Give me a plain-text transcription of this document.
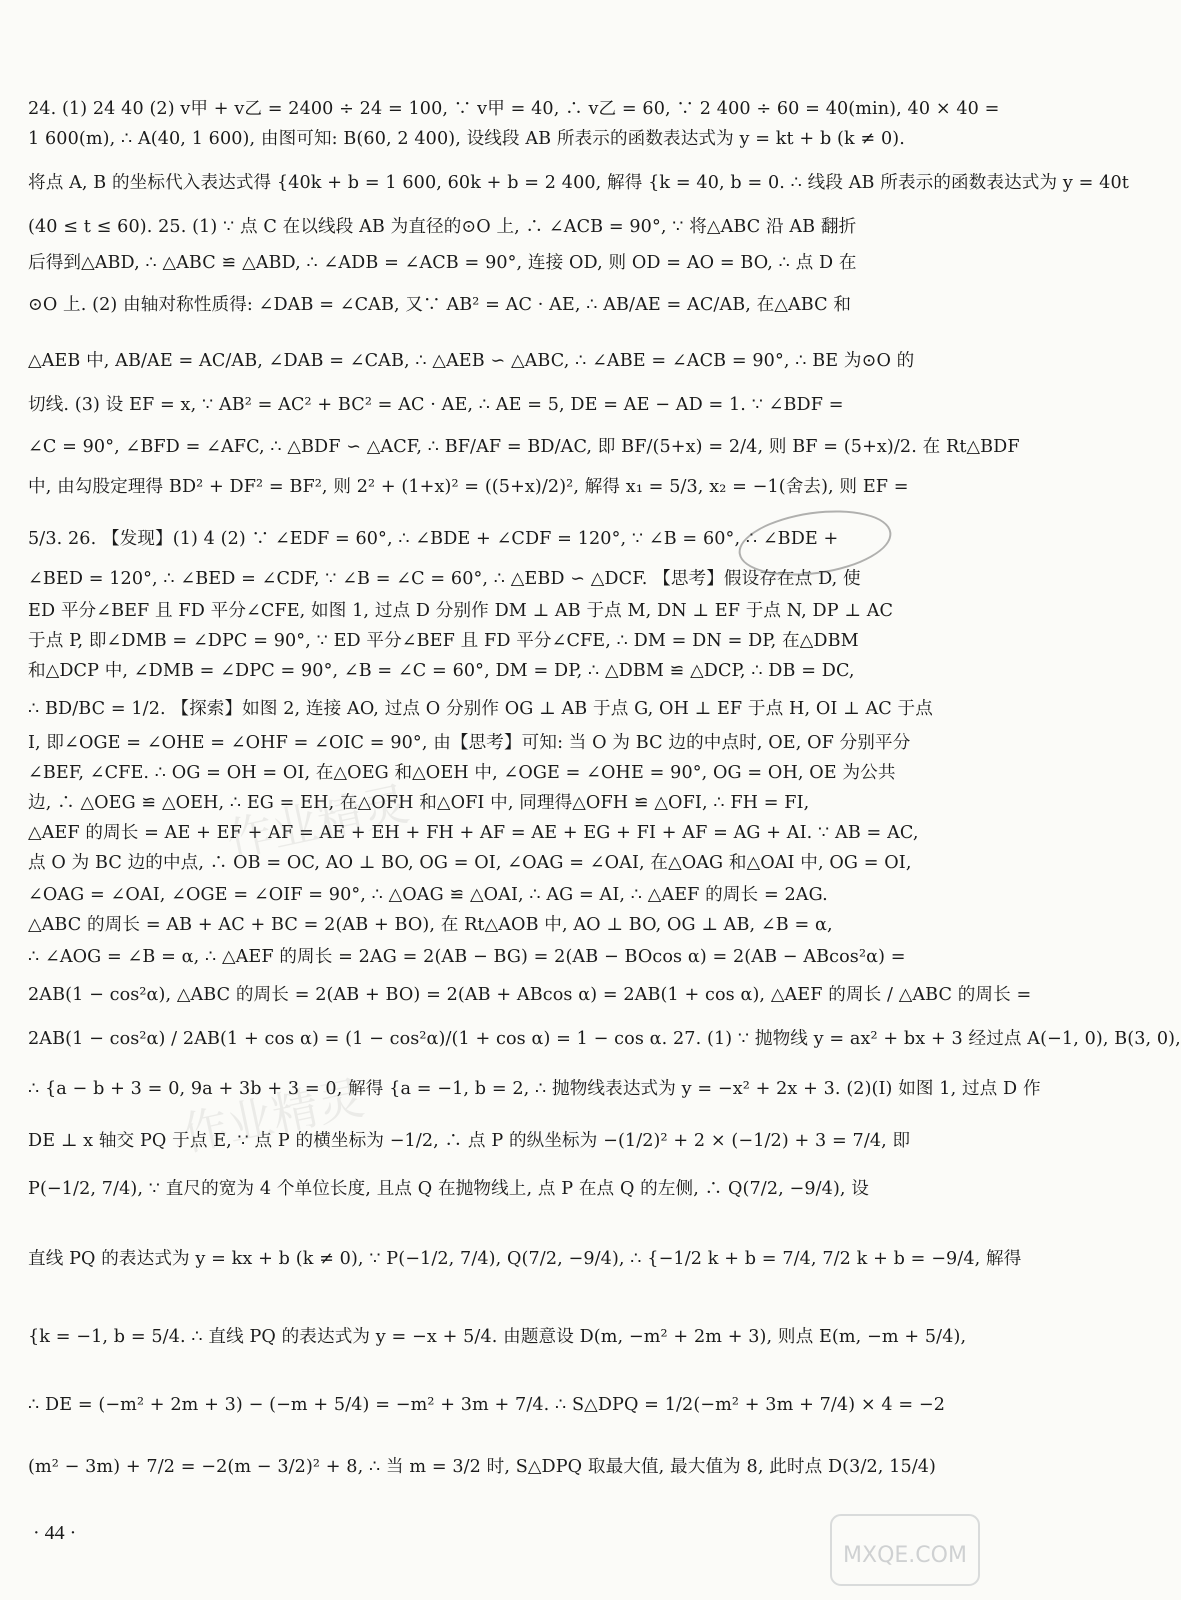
24. (1) 24 40 (2) v甲 + v乙 = 2400 ÷ 24 = 100, ∵ v甲 = 40, ∴ v乙 = 60, ∵ 2 400 ÷ 60 = 40(min), 40 × 40 =
1 600(m), ∴ A(40, 1 600), 由图可知: B(60, 2 400), 设线段 AB 所表示的函数表达式为 y = kt + b (k ≠ 0).
将点 A, B 的坐标代入表达式得 {40k + b = 1 600, 60k + b = 2 400, 解得 {k = 40, b = 0. ∴ 线段 AB 所表示的函数表达式为 y = 40t
(40 ≤ t ≤ 60). 25. (1) ∵ 点 C 在以线段 AB 为直径的⊙O 上, ∴ ∠ACB = 90°, ∵ 将△ABC 沿 AB 翻折
后得到△ABD, ∴ △ABC ≌ △ABD, ∴ ∠ADB = ∠ACB = 90°, 连接 OD, 则 OD = AO = BO, ∴ 点 D 在
⊙O 上. (2) 由轴对称性质得: ∠DAB = ∠CAB, 又∵ AB² = AC · AE, ∴ AB/AE = AC/AB, 在△ABC 和
△AEB 中, AB/AE = AC/AB, ∠DAB = ∠CAB, ∴ △AEB ∽ △ABC, ∴ ∠ABE = ∠ACB = 90°, ∴ BE 为⊙O 的
切线. (3) 设 EF = x, ∵ AB² = AC² + BC² = AC · AE, ∴ AE = 5, DE = AE − AD = 1. ∵ ∠BDF =
∠C = 90°, ∠BFD = ∠AFC, ∴ △BDF ∽ △ACF, ∴ BF/AF = BD/AC, 即 BF/(5+x) = 2/4, 则 BF = (5+x)/2. 在 Rt△BDF
中, 由勾股定理得 BD² + DF² = BF², 则 2² + (1+x)² = ((5+x)/2)², 解得 x₁ = 5/3, x₂ = −1(舍去), 则 EF =
5/3. 26. 【发现】(1) 4 (2) ∵ ∠EDF = 60°, ∴ ∠BDE + ∠CDF = 120°, ∵ ∠B = 60°, ∴ ∠BDE +
∠BED = 120°, ∴ ∠BED = ∠CDF, ∵ ∠B = ∠C = 60°, ∴ △EBD ∽ △DCF. 【思考】假设存在点 D, 使
ED 平分∠BEF 且 FD 平分∠CFE, 如图 1, 过点 D 分别作 DM ⊥ AB 于点 M, DN ⊥ EF 于点 N, DP ⊥ AC
于点 P, 即∠DMB = ∠DPC = 90°, ∵ ED 平分∠BEF 且 FD 平分∠CFE, ∴ DM = DN = DP, 在△DBM
和△DCP 中, ∠DMB = ∠DPC = 90°, ∠B = ∠C = 60°, DM = DP, ∴ △DBM ≌ △DCP, ∴ DB = DC,
∴ BD/BC = 1/2. 【探索】如图 2, 连接 AO, 过点 O 分别作 OG ⊥ AB 于点 G, OH ⊥ EF 于点 H, OI ⊥ AC 于点
I, 即∠OGE = ∠OHE = ∠OHF = ∠OIC = 90°, 由【思考】可知: 当 O 为 BC 边的中点时, OE, OF 分别平分
∠BEF, ∠CFE. ∴ OG = OH = OI, 在△OEG 和△OEH 中, ∠OGE = ∠OHE = 90°, OG = OH, OE 为公共
边, ∴ △OEG ≌ △OEH, ∴ EG = EH, 在△OFH 和△OFI 中, 同理得△OFH ≌ △OFI, ∴ FH = FI,
△AEF 的周长 = AE + EF + AF = AE + EH + FH + AF = AE + EG + FI + AF = AG + AI. ∵ AB = AC,
点 O 为 BC 边的中点, ∴ OB = OC, AO ⊥ BO, OG = OI, ∠OAG = ∠OAI, 在△OAG 和△OAI 中, OG = OI,
∠OAG = ∠OAI, ∠OGE = ∠OIF = 90°, ∴ △OAG ≌ △OAI, ∴ AG = AI, ∴ △AEF 的周长 = 2AG.
△ABC 的周长 = AB + AC + BC = 2(AB + BO), 在 Rt△AOB 中, AO ⊥ BO, OG ⊥ AB, ∠B = α,
∴ ∠AOG = ∠B = α, ∴ △AEF 的周长 = 2AG = 2(AB − BG) = 2(AB − BOcos α) = 2(AB − ABcos²α) =
2AB(1 − cos²α), △ABC 的周长 = 2(AB + BO) = 2(AB + ABcos α) = 2AB(1 + cos α), △AEF 的周长 / △ABC 的周长 =
2AB(1 − cos²α) / 2AB(1 + cos α) = (1 − cos²α)/(1 + cos α) = 1 − cos α. 27. (1) ∵ 抛物线 y = ax² + bx + 3 经过点 A(−1, 0), B(3, 0),
∴ {a − b + 3 = 0, 9a + 3b + 3 = 0, 解得 {a = −1, b = 2, ∴ 抛物线表达式为 y = −x² + 2x + 3. (2)(Ⅰ) 如图 1, 过点 D 作
DE ⊥ x 轴交 PQ 于点 E, ∵ 点 P 的横坐标为 −1/2, ∴ 点 P 的纵坐标为 −(1/2)² + 2 × (−1/2) + 3 = 7/4, 即
P(−1/2, 7/4), ∵ 直尺的宽为 4 个单位长度, 且点 Q 在抛物线上, 点 P 在点 Q 的左侧, ∴ Q(7/2, −9/4), 设
直线 PQ 的表达式为 y = kx + b (k ≠ 0), ∵ P(−1/2, 7/4), Q(7/2, −9/4), ∴ {−1/2 k + b = 7/4, 7/2 k + b = −9/4, 解得
{k = −1, b = 5/4. ∴ 直线 PQ 的表达式为 y = −x + 5/4. 由题意设 D(m, −m² + 2m + 3), 则点 E(m, −m + 5/4),
∴ DE = (−m² + 2m + 3) − (−m + 5/4) = −m² + 3m + 7/4. ∴ S△DPQ = 1/2(−m² + 3m + 7/4) × 4 = −2
(m² − 3m) + 7/2 = −2(m − 3/2)² + 8, ∴ 当 m = 3/2 时, S△DPQ 取最大值, 最大值为 8, 此时点 D(3/2, 15/4)
作业精灵
作业精灵
MXQE.COM
· 44 ·
